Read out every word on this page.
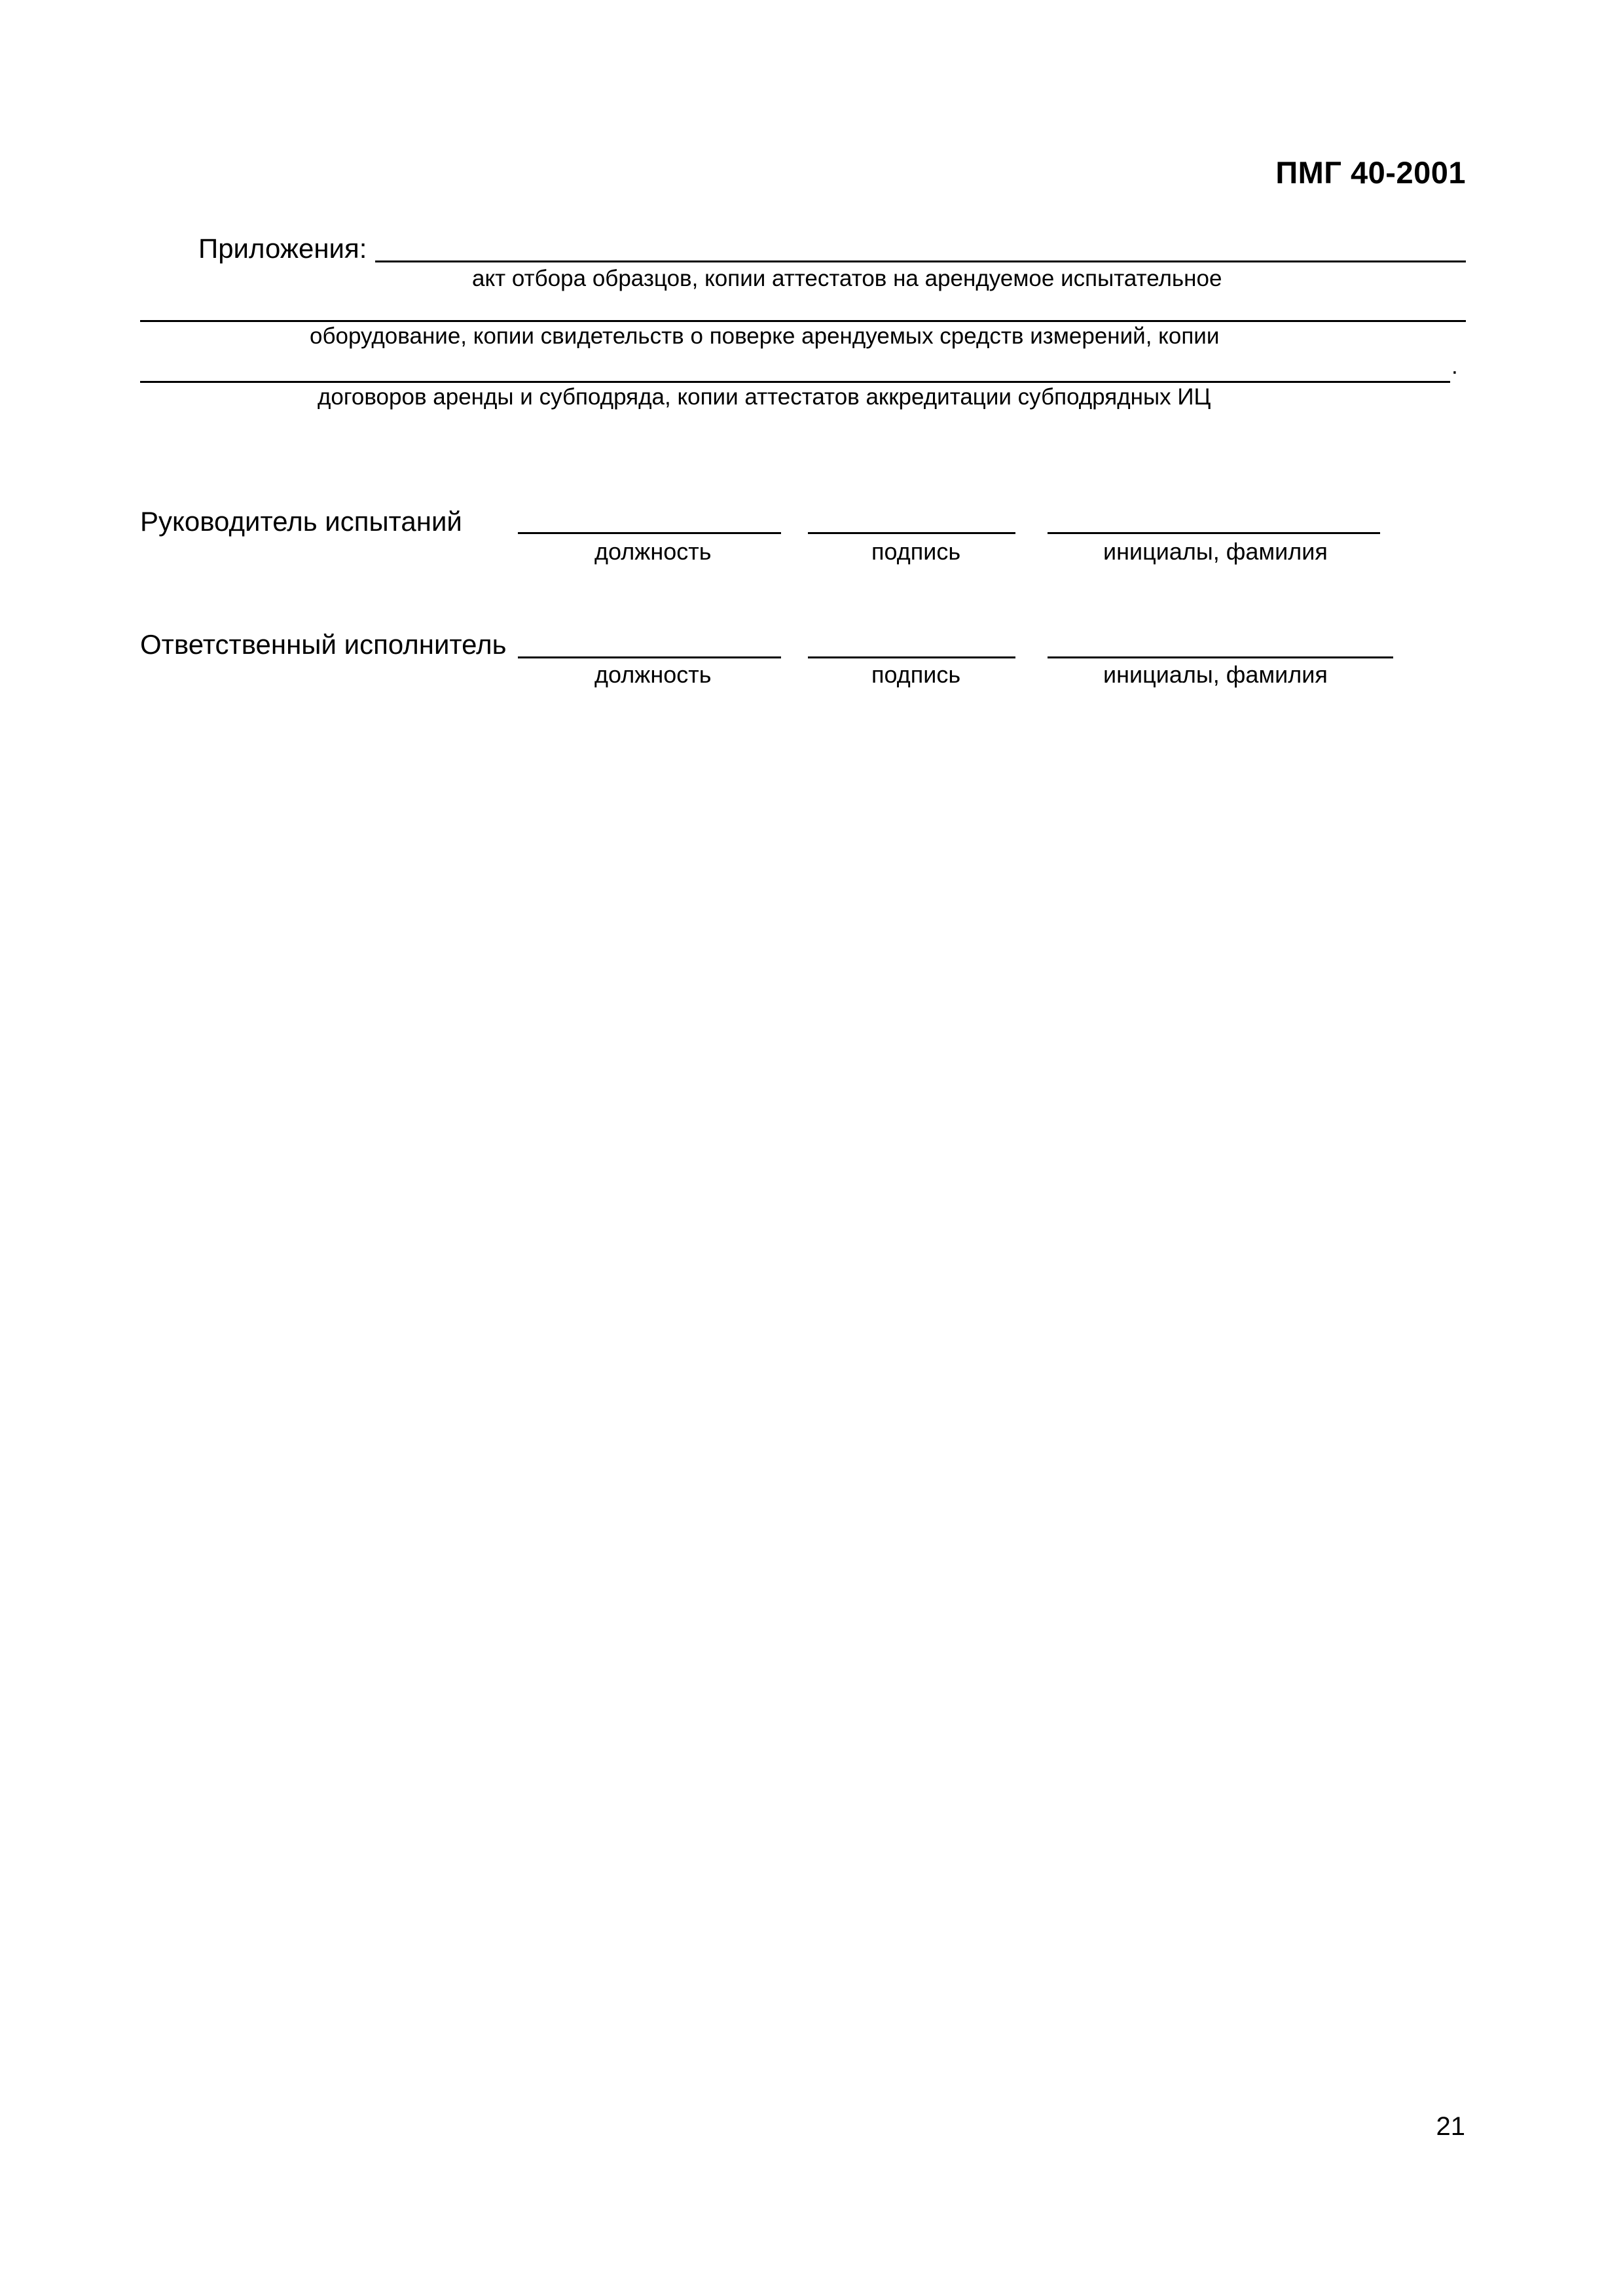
ПМГ 40-2001
Приложения:
акт отбора образцов, копии аттестатов на арендуемое испытательное
оборудование, копии свидетельств о поверке арендуемых средств измерений, копии
.
договоров аренды и субподряда, копии аттестатов аккредитации субподрядных ИЦ
Руководитель испытаний
должность	подпись	инициалы, фамилия
Ответственный исполнитель
должность	подпись	инициалы, фамилия
21
